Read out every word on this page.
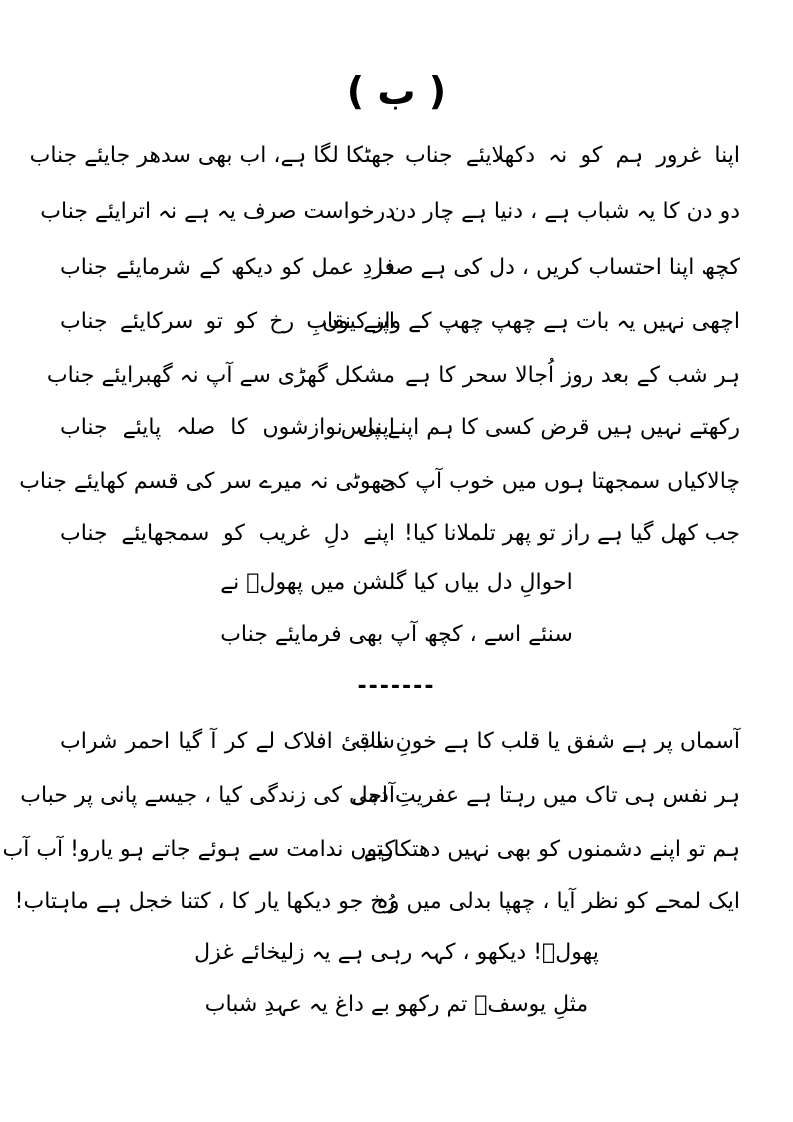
( ب )
اپنا غرور ہم کو نہ دکھلایئے جناب
جھٹکا لگا ہے، اب بھی سدھر جایئے جناب
دو دن کا یہ شباب ہے ، دنیا ہے چار دن
درخواست صرف یہ ہے نہ اترایئے جناب
کچھ اپنا احتساب کریں ، دل کی ہے صدا
فردِ عمل کو دیکھ کے شرمایئے جناب
اچھی نہیں یہ بات ہے چھپ چھپ کے وار کیوں
اپنے نقابِ رخ کو تو سرکایئے جناب
ہر شب کے بعد روز اُجالا سحر کا ہے
مشکل گھڑی سے آپ نہ گھبرایئے جناب
رکھتے نہیں ہیں قرض کسی کا ہم اپنے پاس
اپنی نوازشوں کا صلہ پایئے جناب
چالاکیاں سمجھتا ہوں میں خوب آپ کی
جھوٹی نہ میرے سر کی قسم کھایئے جناب
جب کھل گیا ہے راز تو پھر تلملانا کیا!
اپنے دلِ غریب کو سمجھایئے جناب
احوالِ دل بیاں کیا گلشن میں پھولؔ نے
سنئے اسے ، کچھ آپ بھی فرمایئے جناب
-------
آسماں پر ہے شفق یا قلب کا ہے خونِ ناب
ساقیٔ افلاک لے کر آ گیا احمر شراب
ہر نفس ہی تاک میں رہتا ہے عفریتِ اجل
آدمی کی زندگی کیا ، جیسے پانی پر حباب
ہم تو اپنے دشمنوں کو بھی نہیں دھتکارتے
کیوں ندامت سے ہوئے جاتے ہو یارو! آب آب
ایک لمحے کو نظر آیا ، چھپا بدلی میں وہ
رُخ جو دیکھا یار کا ، کتنا خجل ہے ماہتاب!
پھولؔ! دیکھو ، کہہ رہی ہے یہ زلیخائے غزل
مثلِ یوسفؑ تم رکھو بے داغ یہ عہدِ شباب
